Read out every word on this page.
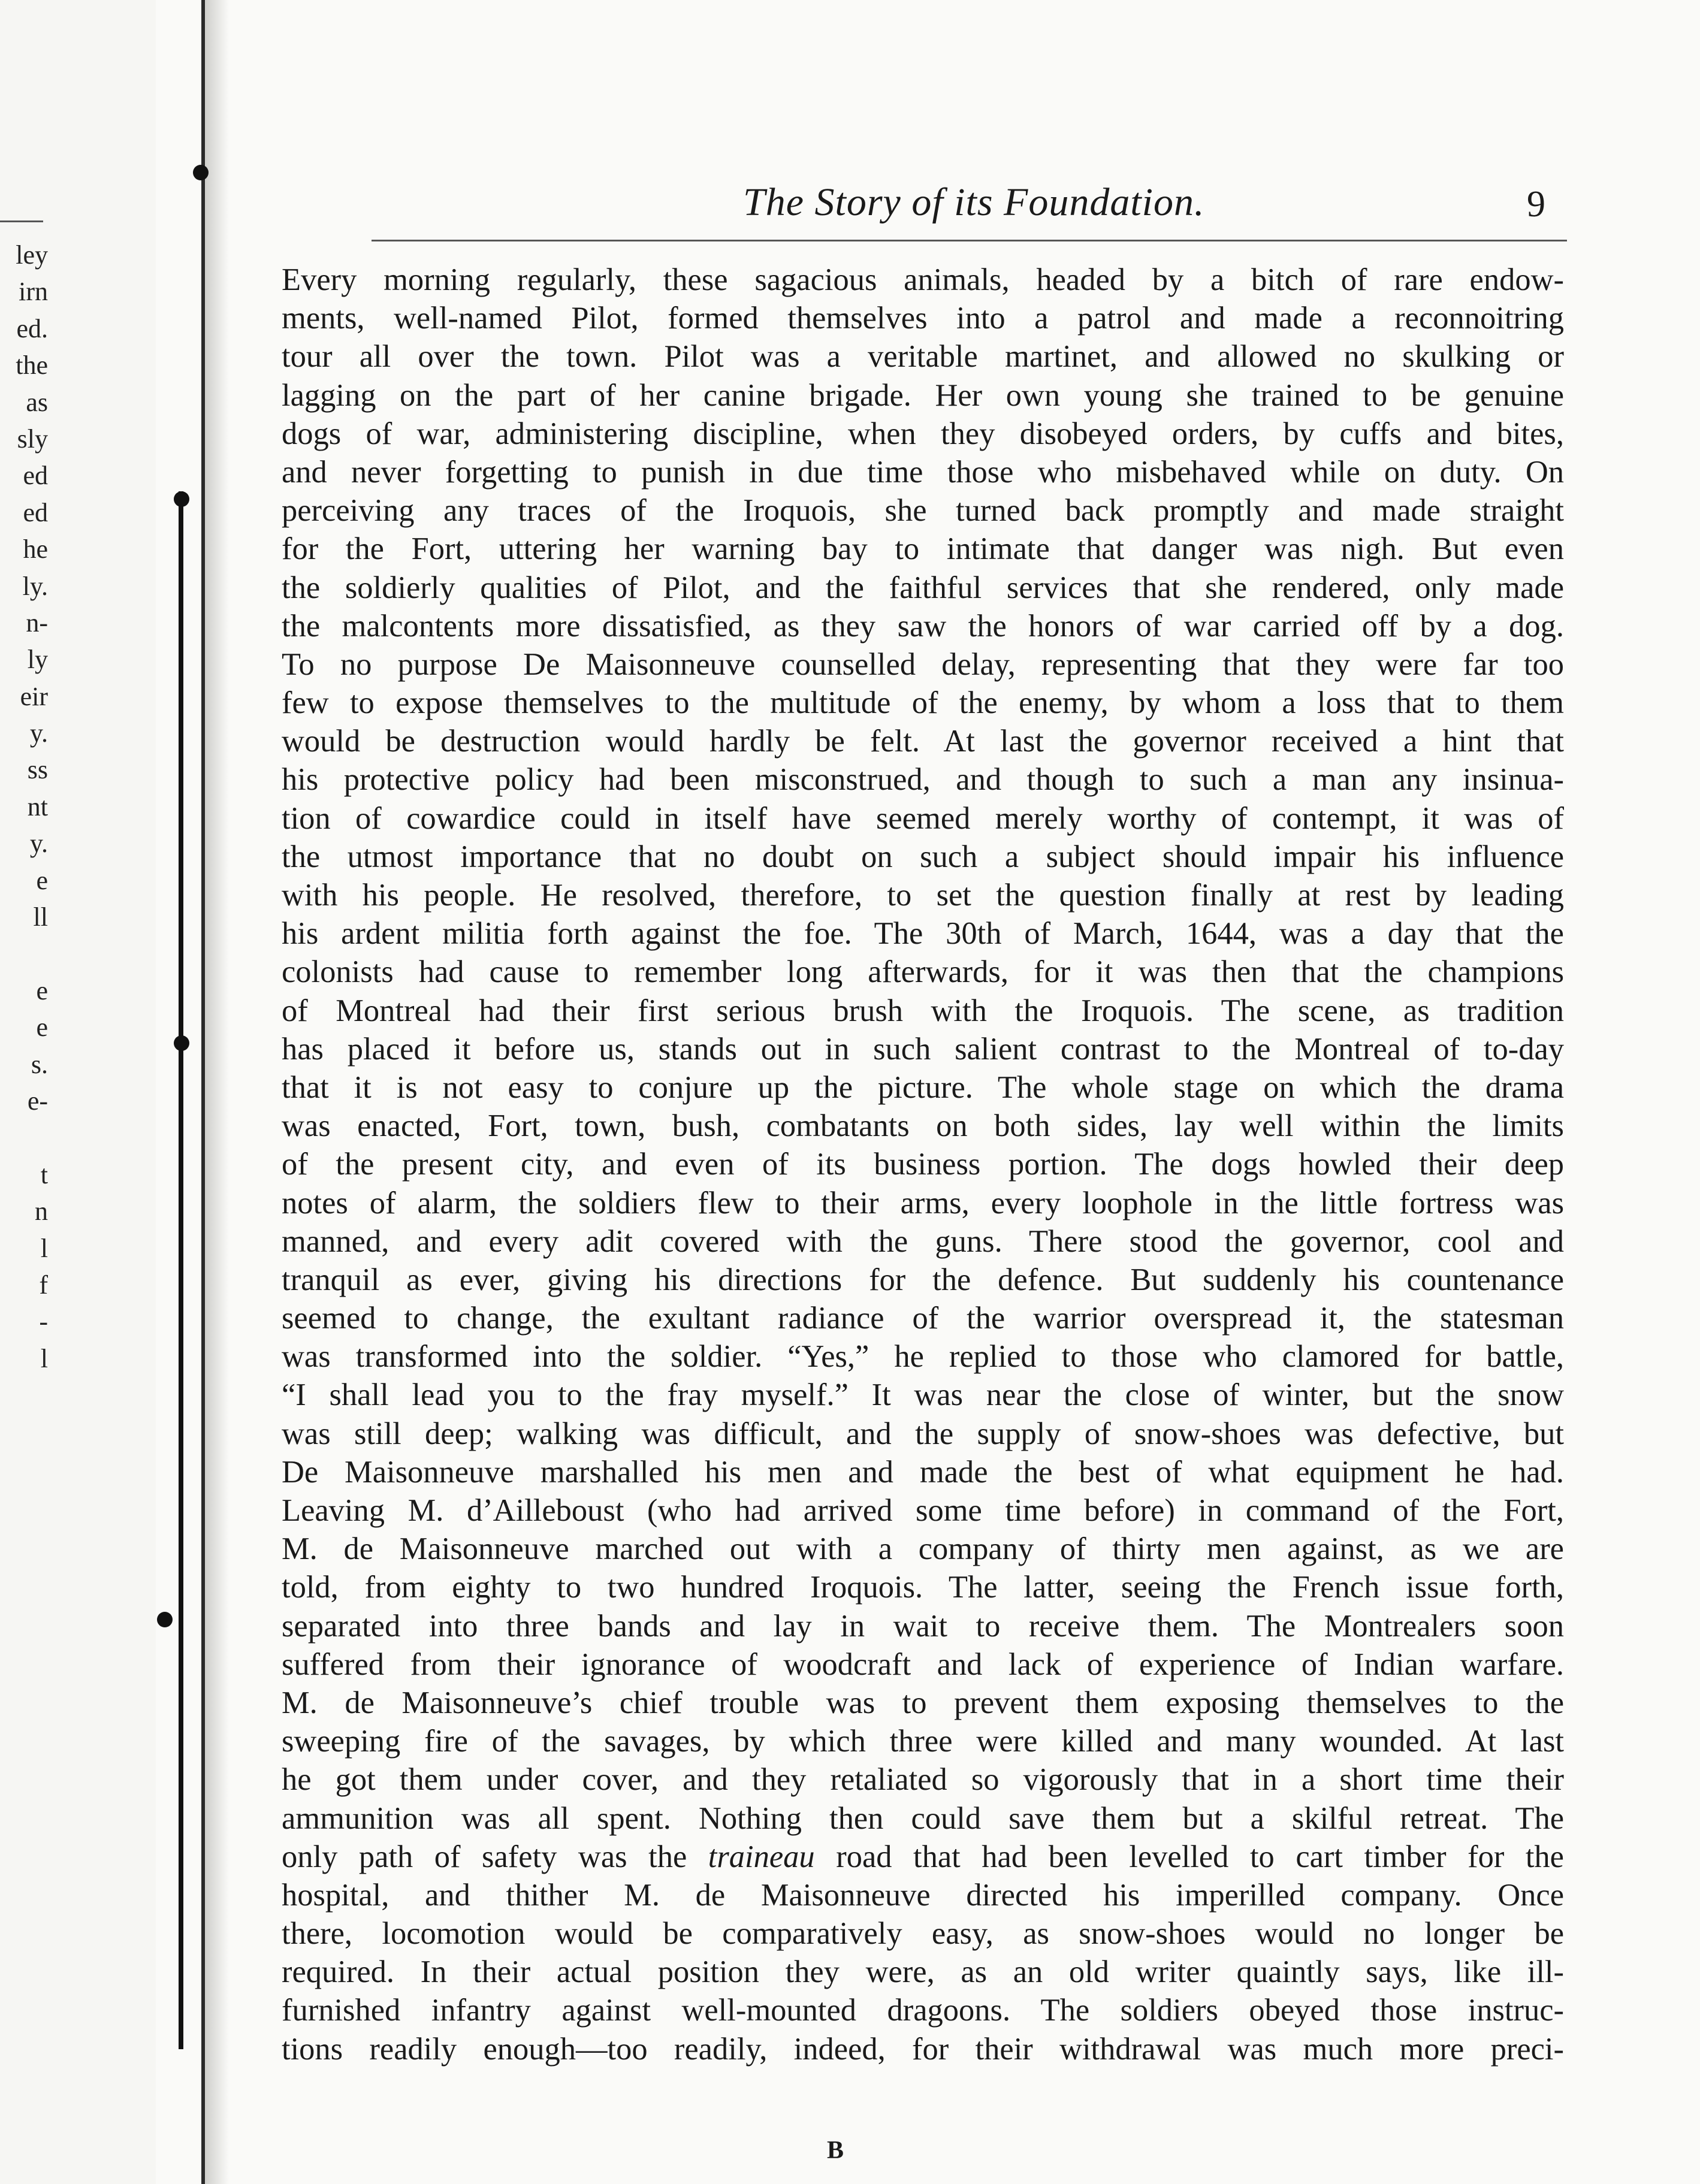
ley
irn
ed.
the
as
sly
ed
ed
he
ly.
n-
ly
eir
y.
ss
nt
y.
e
ll
e
e
s.
e-
t
n
l
f
-
l
The Story of its Foundation.	9
Every morning regularly, these sagacious animals, headed by a bitch of rare endow-
ments, well-named Pilot, formed themselves into a patrol and made a reconnoitring
tour all over the town. Pilot was a veritable martinet, and allowed no skulking or
lagging on the part of her canine brigade. Her own young she trained to be genuine
dogs of war, administering discipline, when they disobeyed orders, by cuffs and bites,
and never forgetting to punish in due time those who misbehaved while on duty. On
perceiving any traces of the Iroquois, she turned back promptly and made straight
for the Fort, uttering her warning bay to intimate that danger was nigh. But even
the soldierly qualities of Pilot, and the faithful services that she rendered, only made
the malcontents more dissatisfied, as they saw the honors of war carried off by a dog.
To no purpose De Maisonneuve counselled delay, representing that they were far too
few to expose themselves to the multitude of the enemy, by whom a loss that to them
would be destruction would hardly be felt. At last the governor received a hint that
his protective policy had been misconstrued, and though to such a man any insinua-
tion of cowardice could in itself have seemed merely worthy of contempt, it was of
the utmost importance that no doubt on such a subject should impair his influence
with his people. He resolved, therefore, to set the question finally at rest by leading
his ardent militia forth against the foe. The 30th of March, 1644, was a day that the
colonists had cause to remember long afterwards, for it was then that the champions
of Montreal had their first serious brush with the Iroquois. The scene, as tradition
has placed it before us, stands out in such salient contrast to the Montreal of to-day
that it is not easy to conjure up the picture. The whole stage on which the drama
was enacted, Fort, town, bush, combatants on both sides, lay well within the limits
of the present city, and even of its business portion. The dogs howled their deep
notes of alarm, the soldiers flew to their arms, every loophole in the little fortress was
manned, and every adit covered with the guns. There stood the governor, cool and
tranquil as ever, giving his directions for the defence. But suddenly his countenance
seemed to change, the exultant radiance of the warrior overspread it, the statesman
was transformed into the soldier. “Yes,” he replied to those who clamored for battle,
“I shall lead you to the fray myself.” It was near the close of winter, but the snow
was still deep; walking was difficult, and the supply of snow-shoes was defective, but
De Maisonneuve marshalled his men and made the best of what equipment he had.
Leaving M. d’Ailleboust (who had arrived some time before) in command of the Fort,
M. de Maisonneuve marched out with a company of thirty men against, as we are
told, from eighty to two hundred Iroquois. The latter, seeing the French issue forth,
separated into three bands and lay in wait to receive them. The Montrealers soon
suffered from their ignorance of woodcraft and lack of experience of Indian warfare.
M. de Maisonneuve’s chief trouble was to prevent them exposing themselves to the
sweeping fire of the savages, by which three were killed and many wounded. At last
he got them under cover, and they retaliated so vigorously that in a short time their
ammunition was all spent. Nothing then could save them but a skilful retreat. The
only path of safety was the traineau road that had been levelled to cart timber for the
hospital, and thither M. de Maisonneuve directed his imperilled company. Once
there, locomotion would be comparatively easy, as snow-shoes would no longer be
required. In their actual position they were, as an old writer quaintly says, like ill-
furnished infantry against well-mounted dragoons. The soldiers obeyed those instruc-
tions readily enough—too readily, indeed, for their withdrawal was much more preci-
B
